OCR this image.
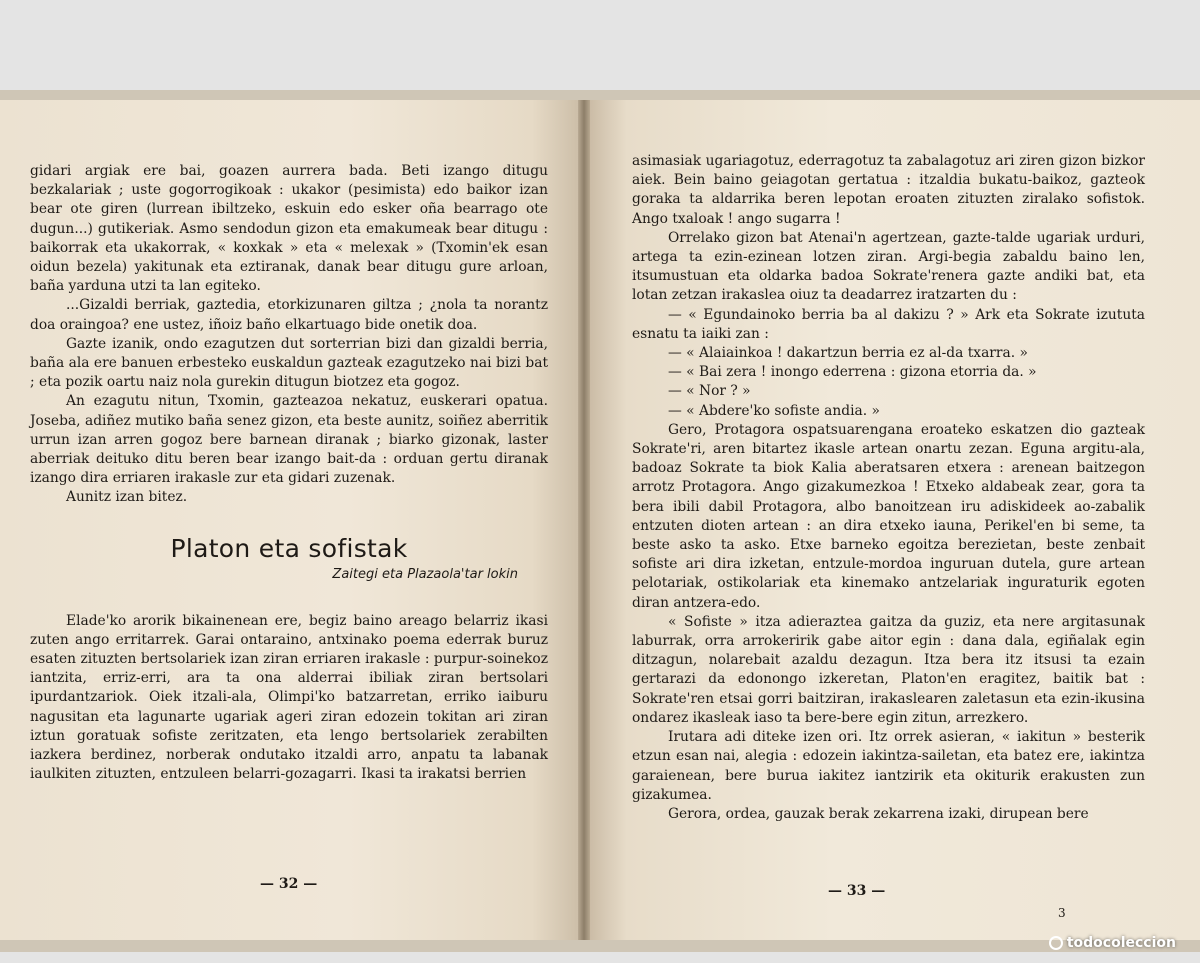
gidari argiak ere bai, goazen aurrera bada. Beti izango ditugu bezkalariak ; uste gogorrogikoak : ukakor (pesimista) edo baikor izan bear ote giren (lurrean ibiltzeko, eskuin edo esker oña bearrago ote dugun...) gutikeriak. Asmo sendodun gizon eta emakumeak bear ditugu : baikorrak eta ukakorrak, « koxkak » eta « melexak » (Txomin'ek esan oidun bezela) yakitunak eta eztiranak, danak bear ditugu gure arloan, baña yarduna utzi ta lan egiteko.

...Gizaldi berriak, gaztedia, etorkizunaren giltza ; ¿nola ta norantz doa oraingoa? ene ustez, iñoiz baño elkartuago bide onetik doa.

Gazte izanik, ondo ezagutzen dut sorterrian bizi dan gizaldi berria, baña ala ere banuen erbesteko euskaldun gazteak ezagutzeko nai bizi bat ; eta pozik oartu naiz nola gurekin ditugun biotzez eta gogoz.

An ezagutu nitun, Txomin, gazteazoa nekatuz, euskerari opatua. Joseba, adiñez mutiko baña senez gizon, eta beste aunitz, soiñez aberritik urrun izan arren gogoz bere barnean diranak ; biarko gizonak, laster aberriak deituko ditu beren bear izango bait-da : orduan gertu diranak izango dira erriaren irakasle zur eta gidari zuzenak.

Aunitz izan bitez.

Platon eta sofistak
Zaitegi eta Plazaola'tar lokin

Elade'ko arorik bikainenean ere, begiz baino areago belarriz ikasi zuten ango erritarrek. Garai ontaraino, antxinako poema ederrak buruz esaten zituzten bertsolariek izan ziran erriaren irakasle : purpur-soinekoz iantzita, erriz-erri, ara ta ona alderrai ibiliak ziran bertsolari ipurdantzariok. Oiek itzali-ala, Olimpi'ko batzarretan, erriko iaiburu nagusitan eta lagunarte ugariak ageri ziran edozein tokitan ari ziran iztun goratuak sofiste zeritzaten, eta lengo bertsolariek zerabilten iazkera berdinez, norberak ondutako itzaldi arro, anpatu ta labanak iaulkiten zituzten, entzuleen belarri-gozagarri. Ikasi ta irakatsi berrien

— 32 —

asimasiak ugariagotuz, ederragotuz ta zabalagotuz ari ziren gizon bizkor aiek. Bein baino geiagotan gertatua : itzaldia bukatu-baikoz, gazteok goraka ta aldarrika beren lepotan eroaten zituzten ziralako sofistok. Ango txaloak ! ango sugarra !

Orrelako gizon bat Atenai'n agertzean, gazte-talde ugariak urduri, artega ta ezin-ezinean lotzen ziran. Argi-begia zabaldu baino len, itsumustuan eta oldarka badoa Sokrate'renera gazte andiki bat, eta lotan zetzan irakaslea oiuz ta deadarrez iratzarten du :

— « Egundainoko berria ba al dakizu ? » Ark eta Sokrate izututa esnatu ta iaiki zan :

— « Alaiainkoa ! dakartzun berria ez al-da txarra. »

— « Bai zera ! inongo ederrena : gizona etorria da. »

— « Nor ? »

— « Abdere'ko sofiste andia. »

Gero, Protagora ospatsuarengana eroateko eskatzen dio gazteak Sokrate'ri, aren bitartez ikasle artean onartu zezan. Eguna argitu-ala, badoaz Sokrate ta biok Kalia aberatsaren etxera : arenean baitzegon arrotz Protagora. Ango gizakumezkoa ! Etxeko aldabeak zear, gora ta bera ibili dabil Protagora, albo banoitzean iru adiskideek ao-zabalik entzuten dioten artean : an dira etxeko iauna, Perikel'en bi seme, ta beste asko ta asko. Etxe barneko egoitza berezietan, beste zenbait sofiste ari dira izketan, entzule-mordoa inguruan dutela, gure artean pelotariak, ostikolariak eta kinemako antzelariak inguraturik egoten diran antzera-edo.

« Sofiste » itza adieraztea gaitza da guziz, eta nere argitasunak laburrak, orra arrokeririk gabe aitor egin : dana dala, egiñalak egin ditzagun, nolarebait azaldu dezagun. Itza bera itz itsusi ta ezain gertarazi da edonongo izkeretan, Platon'en eragitez, baitik bat : Sokrate'ren etsai gorri baitziran, irakaslearen zaletasun eta ezin-ikusina ondarez ikasleak iaso ta bere-bere egin zitun, arrezkero.

Irutara adi diteke izen ori. Itz orrek asieran, « iakitun » besterik etzun esan nai, alegia : edozein iakintza-sailetan, eta batez ere, iakintza garaienean, bere burua iakitez iantzirik eta okiturik erakusten zun gizakumea.

Gerora, ordea, gauzak berak zekarrena izaki, dirupean bere

— 33 —
3
todocoleccion
